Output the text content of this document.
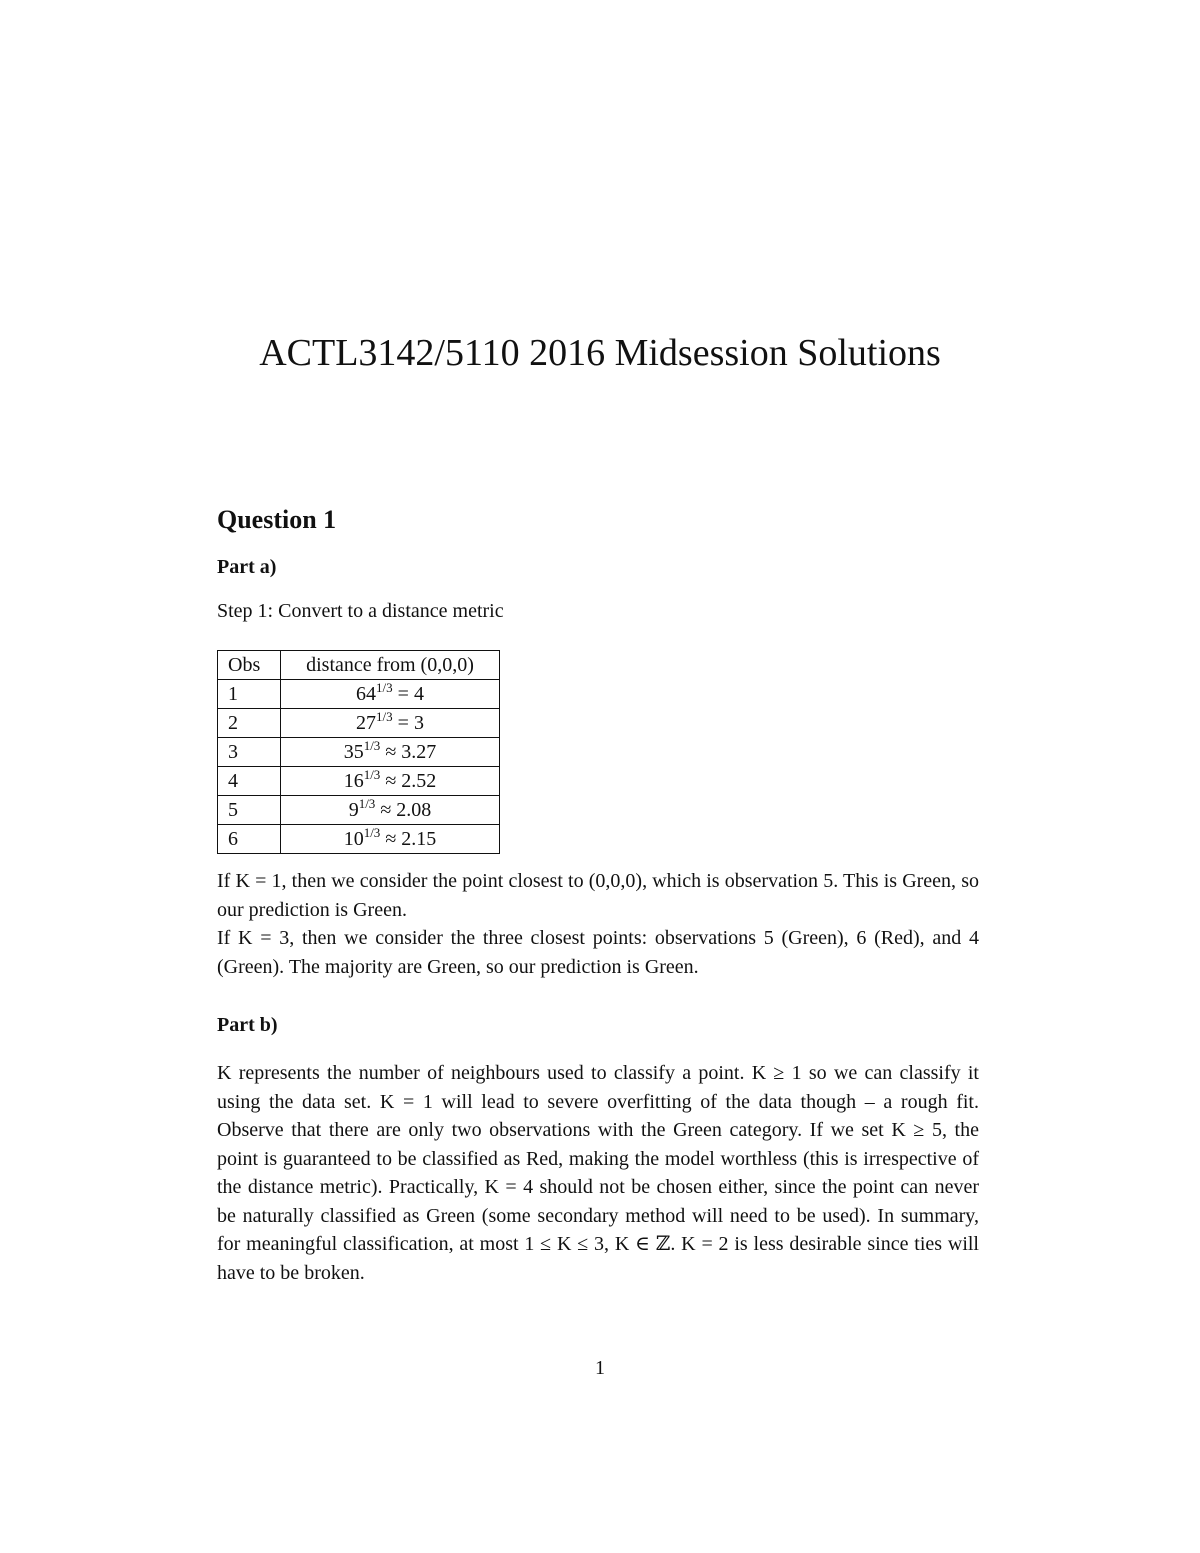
ACTL3142/5110 2016 Midsession Solutions
Question 1
Part a)

Step 1: Convert to a distance metric

Obs	distance from (0,0,0)
1	$64^{1/3} = 4$
2	$27^{1/3} = 3$
3	$35^{1/3} \approx 3.27$
4	$16^{1/3} \approx 2.52$
5	$9^{1/3} \approx 2.08$
6	$10^{1/3} \approx 2.15$

If K = 1, then we consider the point closest to (0,0,0), which is observation 5. This is Green, so our prediction is Green.

If K = 3, then we consider the three closest points: observations 5 (Green), 6 (Red), and 4 (Green). The majority are Green, so our prediction is Green.

Part b)

K represents the number of neighbours used to classify a point. K ≥ 1 so we can classify it using the data set. K = 1 will lead to severe overfitting of the data though – a rough fit. Observe that there are only two observations with the Green category. If we set K ≥ 5, the point is guaranteed to be classified as Red, making the model worthless (this is irrespective of the distance metric). Practically, K = 4 should not be chosen either, since the point can never be naturally classified as Green (some secondary method will need to be used). In summary, for meaningful classification, at most 1 ≤ K ≤ 3, K ∈ ℤ. K = 2 is less desirable since ties will have to be broken.

1
